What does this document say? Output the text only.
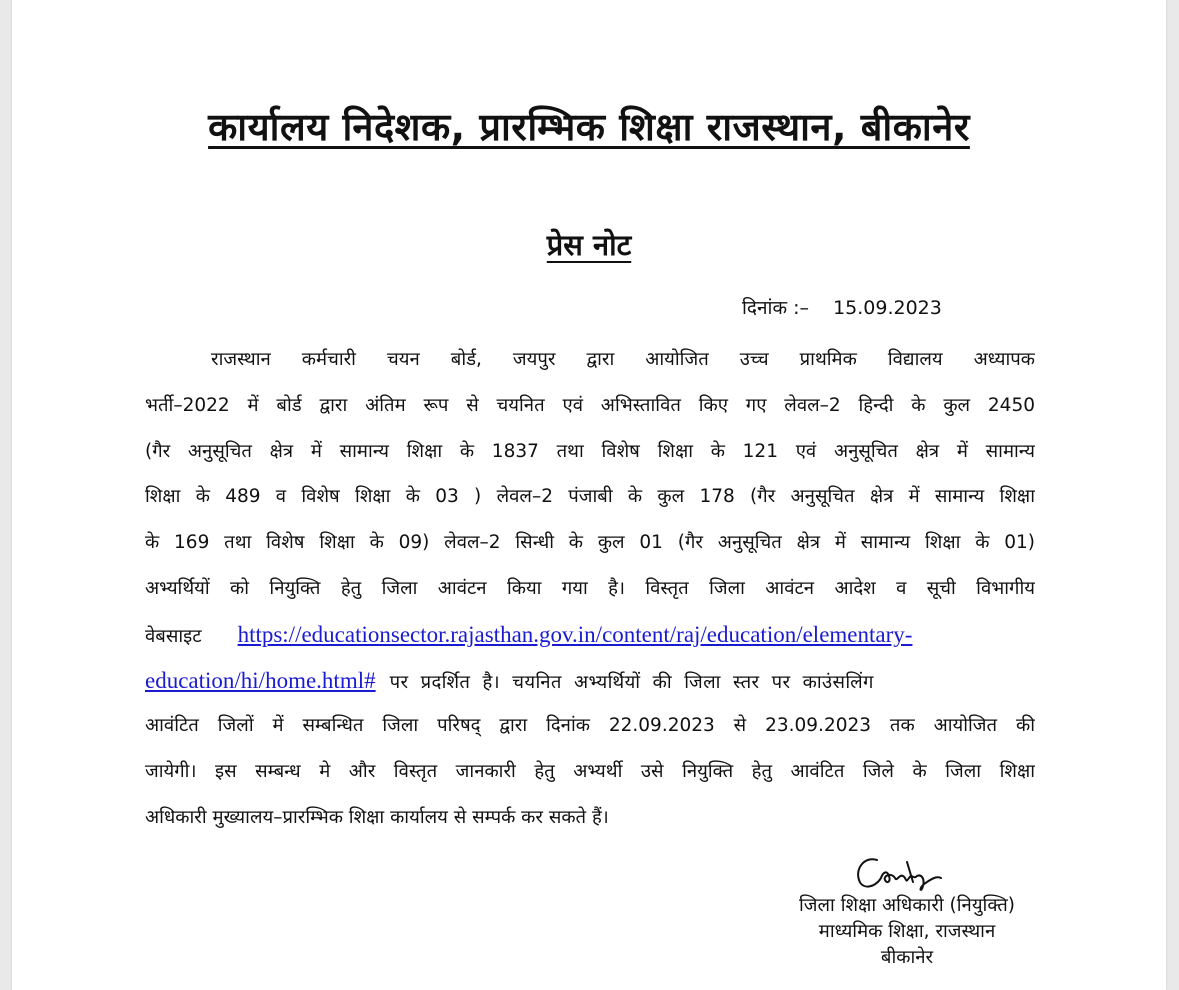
कार्यालय निदेशक, प्रारम्भिक शिक्षा राजस्थान, बीकानेर
प्रेस नोट
दिनांक :– 15.09.2023
राजस्थान कर्मचारी चयन बोर्ड, जयपुर द्वारा आयोजित उच्च प्राथमिक विद्यालय अध्यापक
भर्ती–2022 में बोर्ड द्वारा अंतिम रूप से चयनित एवं अभिस्तावित किए गए लेवल–2 हिन्दी के कुल 2450
(गैर अनुसूचित क्षेत्र में सामान्य शिक्षा के 1837 तथा विशेष शिक्षा के 121 एवं अनुसूचित क्षेत्र में सामान्य
शिक्षा के 489 व विशेष शिक्षा के 03 ) लेवल–2 पंजाबी के कुल 178 (गैर अनुसूचित क्षेत्र में सामान्य शिक्षा
के 169 तथा विशेष शिक्षा के 09) लेवल–2 सिन्धी के कुल 01 (गैर अनुसूचित क्षेत्र में सामान्य शिक्षा के 01)
अभ्यर्थियों को नियुक्ति हेतु जिला आवंटन किया गया है। विस्तृत जिला आवंटन आदेश व सूची विभागीय
वेबसाइट https://educationsector.rajasthan.gov.in/content/raj/education/elementary-
education/hi/home.html# पर प्रदर्शित है। चयनित अभ्यर्थियों की जिला स्तर पर काउंसलिंग
आवंटित जिलों में सम्बन्धित जिला परिषद् द्वारा दिनांक 22.09.2023 से 23.09.2023 तक आयोजित की
जायेगी। इस सम्बन्ध मे और विस्तृत जानकारी हेतु अभ्यर्थी उसे नियुक्ति हेतु आवंटित जिले के जिला शिक्षा
अधिकारी मुख्यालय–प्रारम्भिक शिक्षा कार्यालय से सम्पर्क कर सकते हैं।
जिला शिक्षा अधिकारी (नियुक्ति)
माध्यमिक शिक्षा, राजस्थान
बीकानेर
